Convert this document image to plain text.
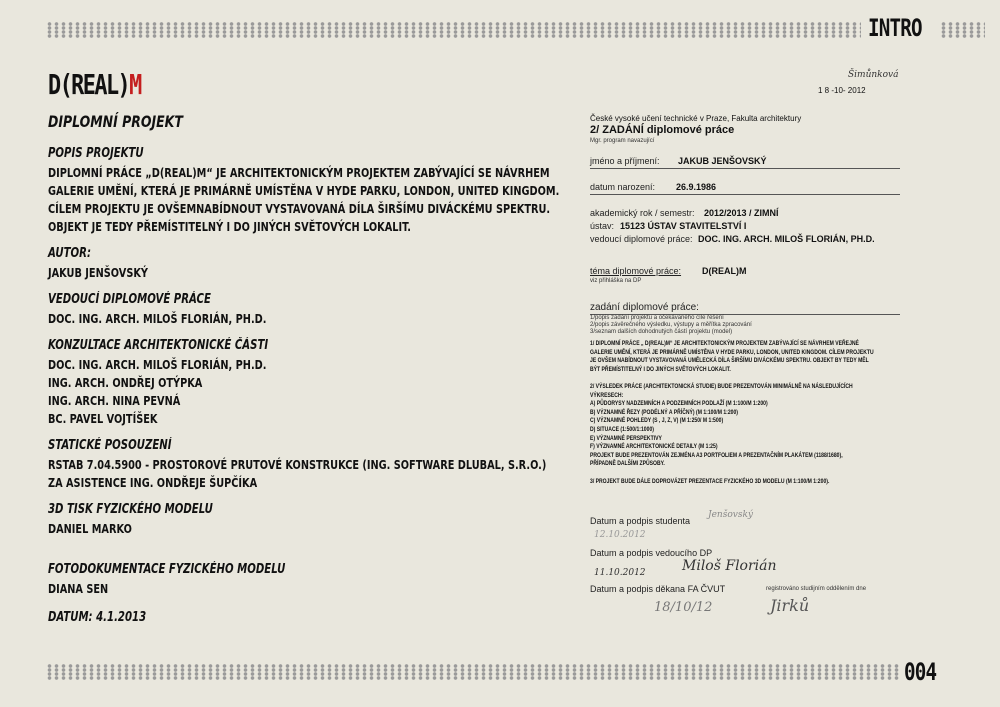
INTRO
004
D(REAL)M
DIPLOMNÍ PROJEKT
POPIS PROJEKTU
DIPLOMNÍ PRÁCE „D(REAL)M“ JE ARCHITEKTONICKÝM PROJEKTEM ZABÝVAJÍCÍ SE NÁVRHEM
GALERIE UMĚNÍ, KTERÁ JE PRIMÁRNĚ UMÍSTĚNA V HYDE PARKU, LONDON, UNITED KINGDOM.
CÍLEM PROJEKTU JE OVŠEMNABÍDNOUT VYSTAVOVANÁ DÍLA ŠIRŠÍMU DIVÁCKÉMU SPEKTRU.
OBJEKT JE TEDY PŘEMÍSTITELNÝ I DO JINÝCH SVĚTOVÝCH LOKALIT.
AUTOR:
JAKUB JENŠOVSKÝ
VEDOUCÍ DIPLOMOVÉ PRÁCE
DOC. ING. ARCH. MILOŠ FLORIÁN, PH.D.
KONZULTACE ARCHITEKTONICKÉ ČÁSTI
DOC. ING. ARCH. MILOŠ FLORIÁN, PH.D.
ING. ARCH. ONDŘEJ OTÝPKA
ING. ARCH. NINA PEVNÁ
BC. PAVEL VOJTÍŠEK
STATICKÉ POSOUZENÍ
RSTAB 7.04.5900 - PROSTOROVÉ PRUTOVÉ KONSTRUKCE (ING. SOFTWARE DLUBAL, S.R.O.)
ZA ASISTENCE ING. ONDŘEJE ŠUPČÍKA
3D TISK FYZICKÉHO MODELU
DANIEL MARKO
FOTODOKUMENTACE FYZICKÉHO MODELU
DIANA SEN
DATUM: 4.1.2013
Šimůnková
1 8 -10- 2012
České vysoké učení technické v Praze, Fakulta architektury
2/ ZADÁNÍ diplomové práce
Mgr. program navazující
jméno a příjmení: JAKUB JENŠOVSKÝ
datum narození: 26.9.1986
akademický rok / semestr: 2012/2013 / ZIMNÍ
ústav: 15123 ÚSTAV STAVITELSTVÍ I
vedoucí diplomové práce: DOC. ING. ARCH. MILOŠ FLORIÁN, PH.D.
téma diplomové práce: D(REAL)M
viz přihláška na DP
zadání diplomové práce:
1/popis zadání projektu a očekávaného cíle řešení
2/popis závěrečného výsledku, výstupy a měřítka zpracování
3/seznam dalších dohodnutých částí projektu (model)
1/ DIPLOMNÍ PRÁCE „ D(REAL)M“ JE ARCHITEKTONICKÝM PROJEKTEM ZABÝVAJÍCÍ SE NÁVRHEM VEŘEJNÉ
GALERIE UMĚNÍ, KTERÁ JE PRIMÁRNĚ UMÍSTĚNA V HYDE PARKU, LONDON, UNITED KINGDOM. CÍLEM PROJEKTU
JE OVŠEM NABÍDNOUT VYSTAVOVANÁ UMĚLECKÁ DÍLA ŠIRŠÍMU DIVÁCKÉMU SPEKTRU. OBJEKT BY TEDY MĚL
BÝT PŘEMÍSTITELNÝ I DO JINÝCH SVĚTOVÝCH LOKALIT.
2/ VÝSLEDEK PRÁCE (ARCHITEKTONICKÁ STUDIE) BUDE PREZENTOVÁN MINIMÁLNĚ NA NÁSLEDUJÍCÍCH
VÝKRESECH:
A) PŮDORYSY NADZEMNÍCH A PODZEMNÍCH PODLAŽÍ (M 1:100/M 1:200)
B) VÝZNAMNÉ ŘEZY (PODÉLNÝ A PŘÍČNÝ) (M 1:100/M 1:200)
C) VÝZNAMNÉ POHLEDY (S , J, Z, V) (M 1:250/ M 1:500)
D) SITUACE (1:500/1:1000)
E) VÝZNAMNÉ PERSPEKTIVY
F) VÝZNAMNÉ ARCHITEKTONICKÉ DETAILY (M 1:25)
PROJEKT BUDE PREZENTOVÁN ZEJMÉNA A3 PORTFOLIEM A PREZENTAČNÍM PLAKÁTEM (1188/1680),
PŘÍPADNĚ DALŠÍMI ZPŮSOBY.
3/ PROJEKT BUDE DÁLE DOPROVÁZET PREZENTACE FYZICKÉHO 3D MODELU (M 1:100/M 1:200).
Datum a podpis studenta
Jenšovský
12.10.2012
Datum a podpis vedoucího DP
11.10.2012	Miloš Florián
Datum a podpis děkana FA ČVUT	registrováno studijním oddělením dne
18/10/12	Jirků
